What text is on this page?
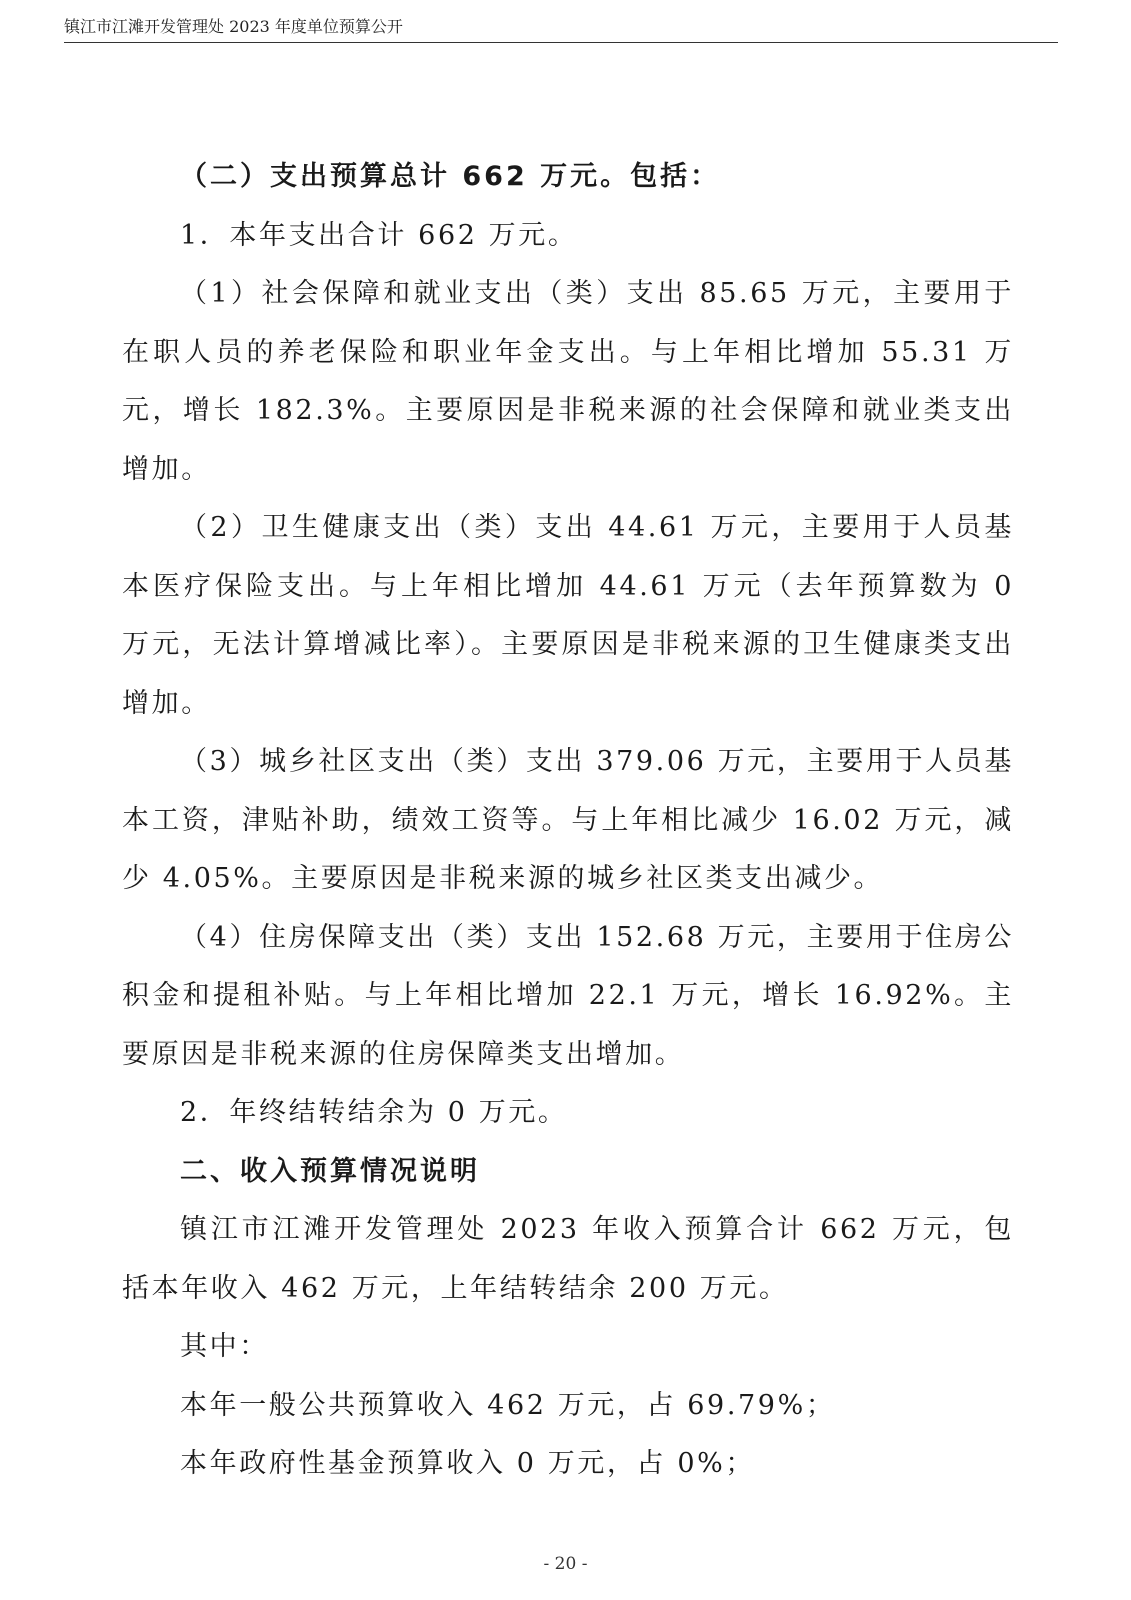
镇江市江滩开发管理处 2023 年度单位预算公开

（二）支出预算总计 662 万元。包括：

1．本年支出合计 662 万元。

（1）社会保障和就业支出（类）支出 85.65 万元，主要用于在职人员的养老保险和职业年金支出。与上年相比增加 55.31 万元，增长 182.3%。主要原因是非税来源的社会保障和就业类支出增加。

（2）卫生健康支出（类）支出 44.61 万元，主要用于人员基本医疗保险支出。与上年相比增加 44.61 万元（去年预算数为 0 万元，无法计算增减比率）。主要原因是非税来源的卫生健康类支出增加。

（3）城乡社区支出（类）支出 379.06 万元，主要用于人员基本工资，津贴补助，绩效工资等。与上年相比减少 16.02 万元，减少 4.05%。主要原因是非税来源的城乡社区类支出减少。

（4）住房保障支出（类）支出 152.68 万元，主要用于住房公积金和提租补贴。与上年相比增加 22.1 万元，增长 16.92%。主要原因是非税来源的住房保障类支出增加。

2．年终结转结余为 0 万元。

二、收入预算情况说明

镇江市江滩开发管理处 2023 年收入预算合计 662 万元，包括本年收入 462 万元，上年结转结余 200 万元。

其中：

本年一般公共预算收入 462 万元，占 69.79%；

本年政府性基金预算收入 0 万元，占 0%；

- 20 -
